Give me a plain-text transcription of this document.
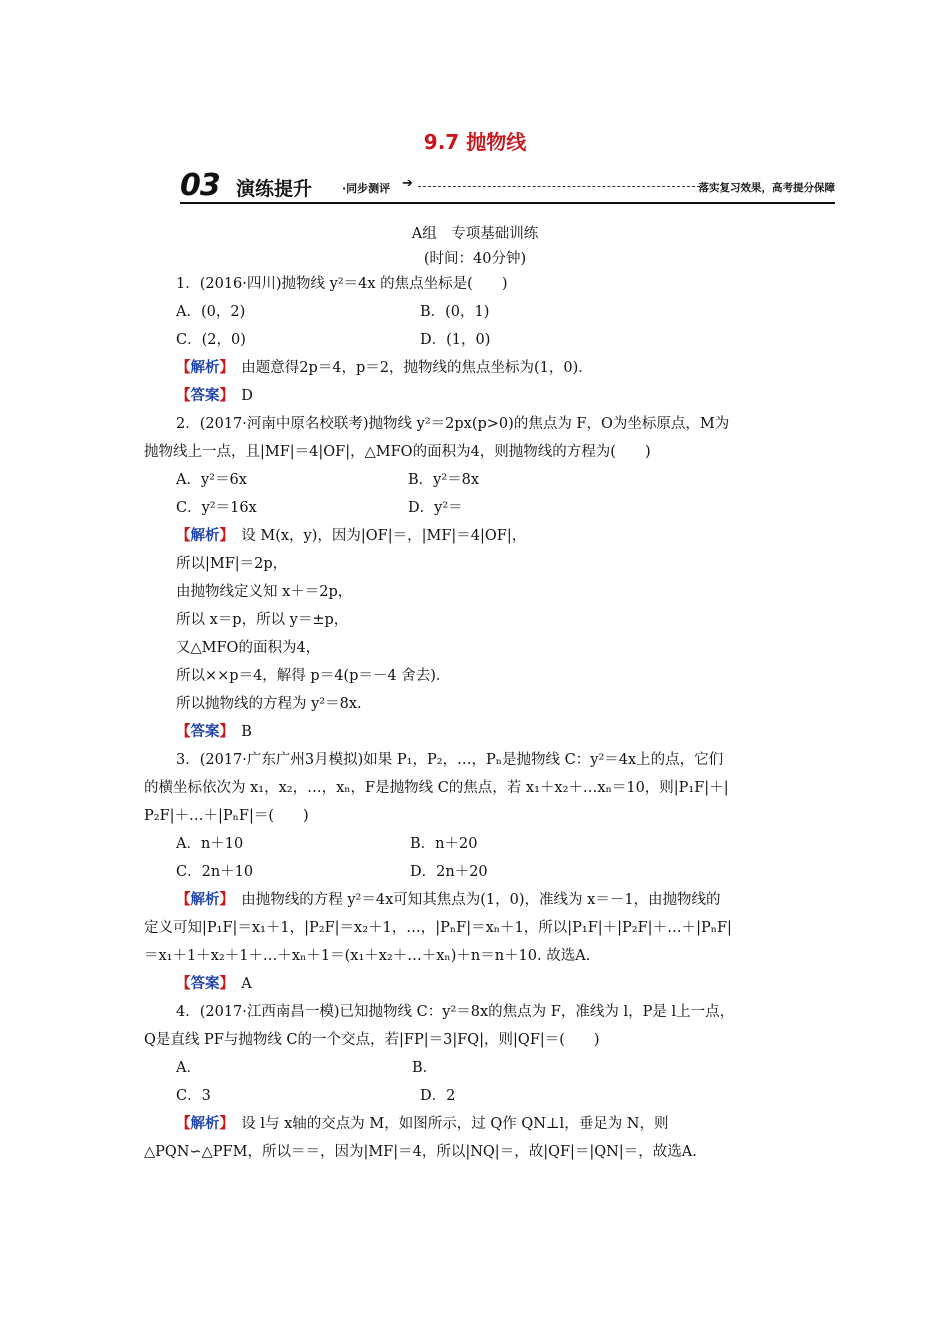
9.7 抛物线
03 演练提升	·同步测评 ➔	落实复习效果，高考提分保障
A组　专项基础训练
(时间：40分钟)
1．(2016·四川)抛物线 y²＝4x 的焦点坐标是(　　)
A．(0，2)	B．(0，1)
C．(2，0)	D．(1，0)
【解析】　由题意得2p＝4，p＝2，抛物线的焦点坐标为(1，0)．
【答案】　D
2．(2017·河南中原名校联考)抛物线 y²＝2px(p>0)的焦点为 F，O为坐标原点，M为
抛物线上一点，且|MF|＝4|OF|，△MFO的面积为4，则抛物线的方程为(　　)
A．y²＝6x	B．y²＝8x
C．y²＝16x	D．y²＝
【解析】　设 M(x，y)，因为|OF|＝，|MF|＝4|OF|，
所以|MF|＝2p，
由抛物线定义知 x＋＝2p，
所以 x＝p，所以 y＝±p，
又△MFO的面积为4，
所以××p＝4，解得 p＝4(p＝－4 舍去)．
所以抛物线的方程为 y²＝8x.
【答案】　B
3．(2017·广东广州3月模拟)如果 P₁，P₂，…，Pₙ是抛物线 C：y²＝4x上的点，它们
的横坐标依次为 x₁，x₂，…，xₙ，F是抛物线 C的焦点，若 x₁＋x₂＋…xₙ＝10，则|P₁F|＋|
P₂F|＋…＋|PₙF|＝(　　)
A．n＋10	B．n＋20
C．2n＋10	D．2n＋20
【解析】　由抛物线的方程 y²＝4x可知其焦点为(1，0)，准线为 x＝－1，由抛物线的
定义可知|P₁F|＝x₁＋1，|P₂F|＝x₂＋1，…，|PₙF|＝xₙ＋1，所以|P₁F|＋|P₂F|＋…＋|PₙF|
＝x₁＋1＋x₂＋1＋…＋xₙ＋1＝(x₁＋x₂＋…＋xₙ)＋n＝n＋10. 故选A.
【答案】　A
4．(2017·江西南昌一模)已知抛物线 C：y²＝8x的焦点为 F，准线为 l，P是 l上一点，
Q是直线 PF与抛物线 C的一个交点，若|FP|＝3|FQ|，则|QF|＝(　　)
A．	B．
C．3	D．2
【解析】　设 l与 x轴的交点为 M，如图所示，过 Q作 QN⊥l，垂足为 N，则
△PQN∽△PFM，所以＝＝，因为|MF|＝4，所以|NQ|＝，故|QF|＝|QN|＝，故选A.
